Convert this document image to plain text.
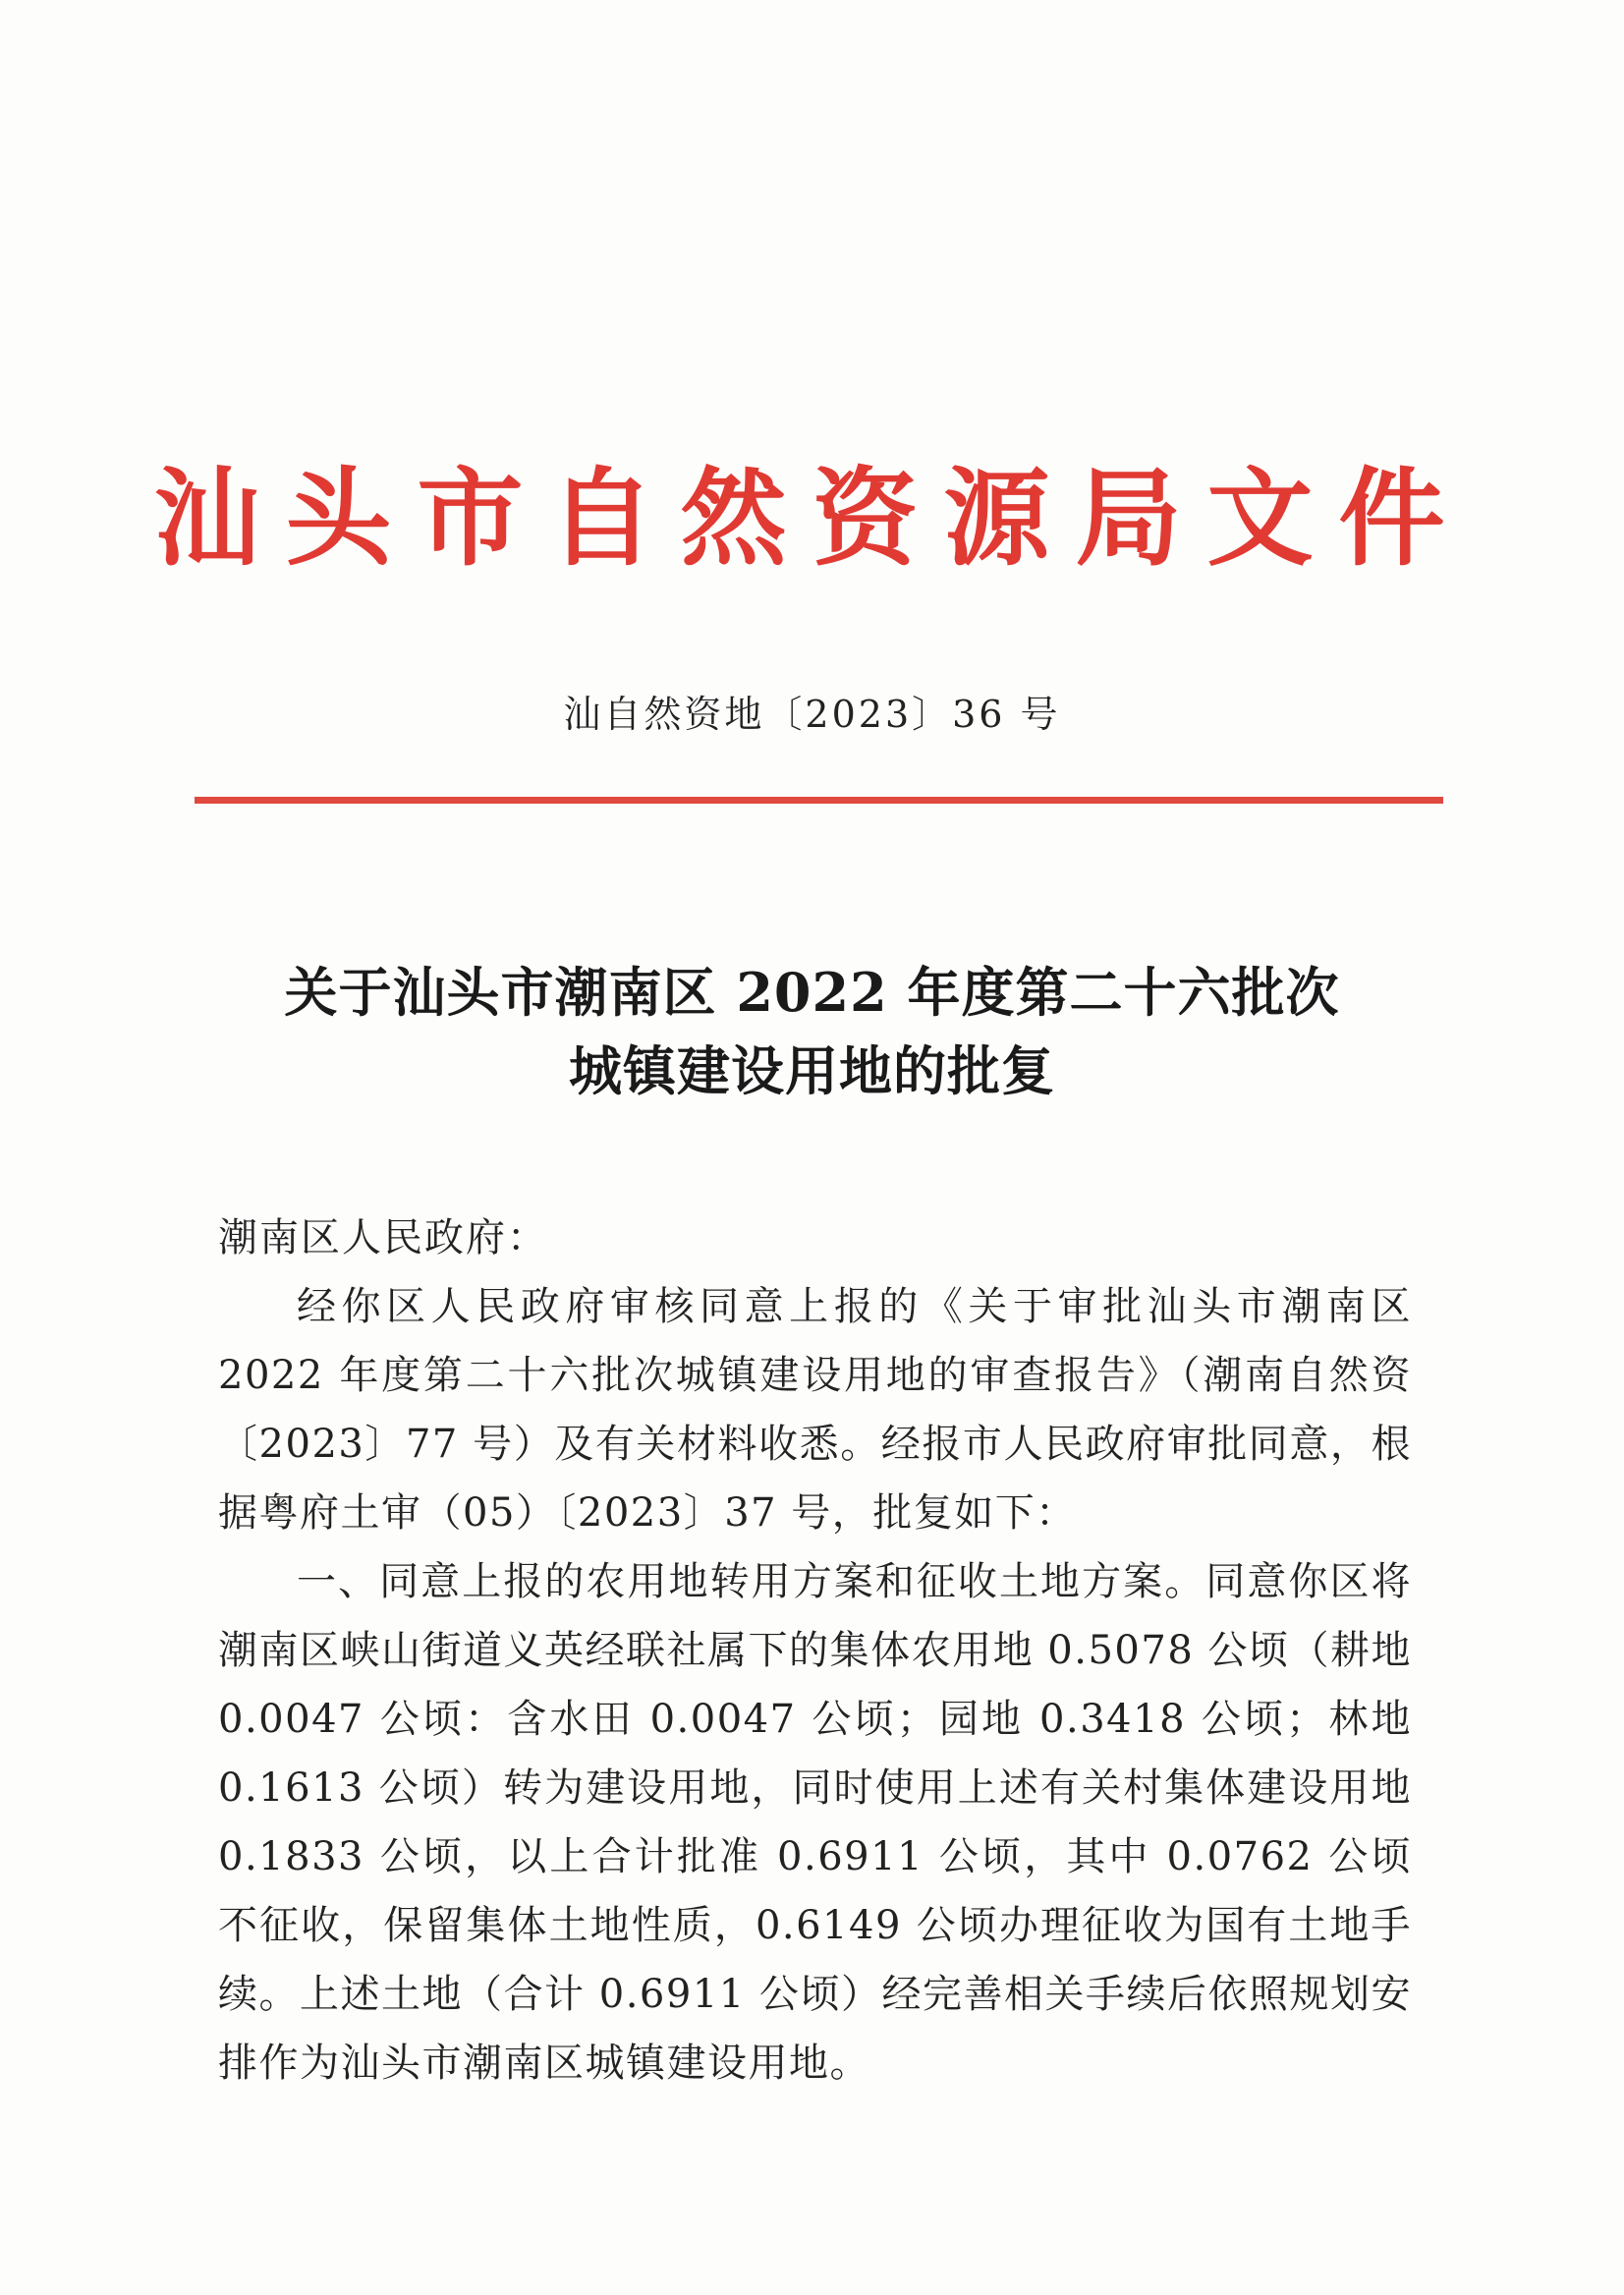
汕头市自然资源局文件
汕自然资地〔2023〕36 号
关于汕头市潮南区 2022 年度第二十六批次
城镇建设用地的批复
潮南区人民政府：

经你区人民政府审核同意上报的《关于审批汕头市潮南区 2022 年度第二十六批次城镇建设用地的审查报告》（潮南自然资〔2023〕77 号）及有关材料收悉。经报市人民政府审批同意，根据粤府土审（05）〔2023〕37 号，批复如下：

一、同意上报的农用地转用方案和征收土地方案。同意你区将潮南区峡山街道义英经联社属下的集体农用地 0.5078 公顷（耕地 0.0047 公顷：含水田 0.0047 公顷；园地 0.3418 公顷；林地 0.1613 公顷）转为建设用地，同时使用上述有关村集体建设用地 0.1833 公顷，以上合计批准 0.6911 公顷，其中 0.0762 公顷不征收，保留集体土地性质，0.6149 公顷办理征收为国有土地手续。上述土地（合计 0.6911 公顷）经完善相关手续后依照规划安排作为汕头市潮南区城镇建设用地。
